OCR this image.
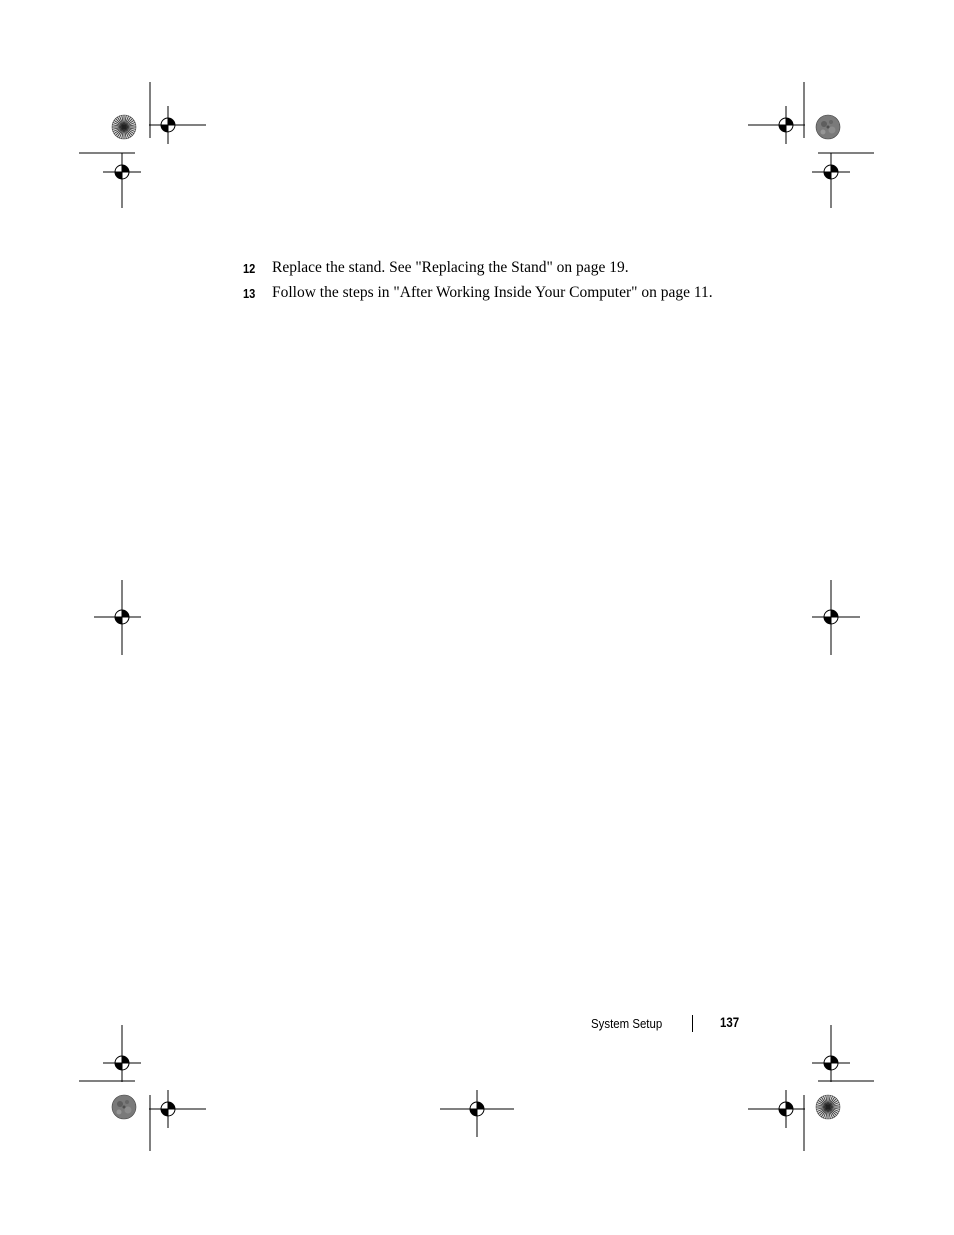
12 Replace the stand. See "Replacing the Stand" on page 19.
13 Follow the steps in "After Working Inside Your Computer" on page 11.
System Setup	137
